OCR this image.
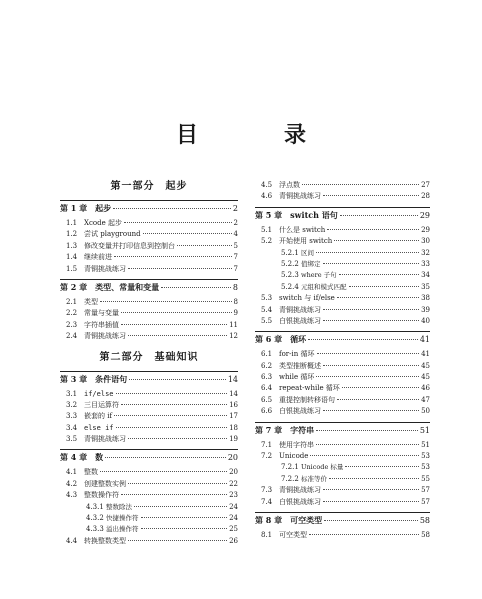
目　录
第一部分　起步
第 1 章 起步	2
1.1 Xcode 起步	2
1.2 尝试 playground	4
1.3 修改变量并打印信息到控制台	5
1.4 继续前进	7
1.5 青铜挑战练习	7
第 2 章 类型、常量和变量	8
2.1 类型	8
2.2 常量与变量	9
2.3 字符串插值	11
2.4 青铜挑战练习	12
第二部分　基础知识
第 3 章 条件语句	14
3.1 if/else	14
3.2 三目运算符	16
3.3 嵌套的 if	17
3.4 else if	18
3.5 青铜挑战练习	19
第 4 章 数	20
4.1 整数	20
4.2 创建整数实例	22
4.3 整数操作符	23
4.3.1 整数除法	24
4.3.2 快捷操作符	24
4.3.3 溢出操作符	25
4.4 转换整数类型	26
4.5 浮点数	27
4.6 青铜挑战练习	28
第 5 章 switch 语句	29
5.1 什么是 switch	29
5.2 开始使用 switch	30
5.2.1 区间	32
5.2.2 值绑定	33
5.2.3 where 子句	34
5.2.4 元组和模式匹配	35
5.3 switch 与 if/else	38
5.4 青铜挑战练习	39
5.5 白银挑战练习	40
第 6 章 循环	41
6.1 for-in 循环	41
6.2 类型推断概述	45
6.3 while 循环	45
6.4 repeat-while 循环	46
6.5 重提控制转移语句	47
6.6 白银挑战练习	50
第 7 章 字符串	51
7.1 使用字符串	51
7.2 Unicode	53
7.2.1 Unicode 标量	53
7.2.2 标准等价	55
7.3 青铜挑战练习	57
7.4 白银挑战练习	57
第 8 章 可空类型	58
8.1 可空类型	58
